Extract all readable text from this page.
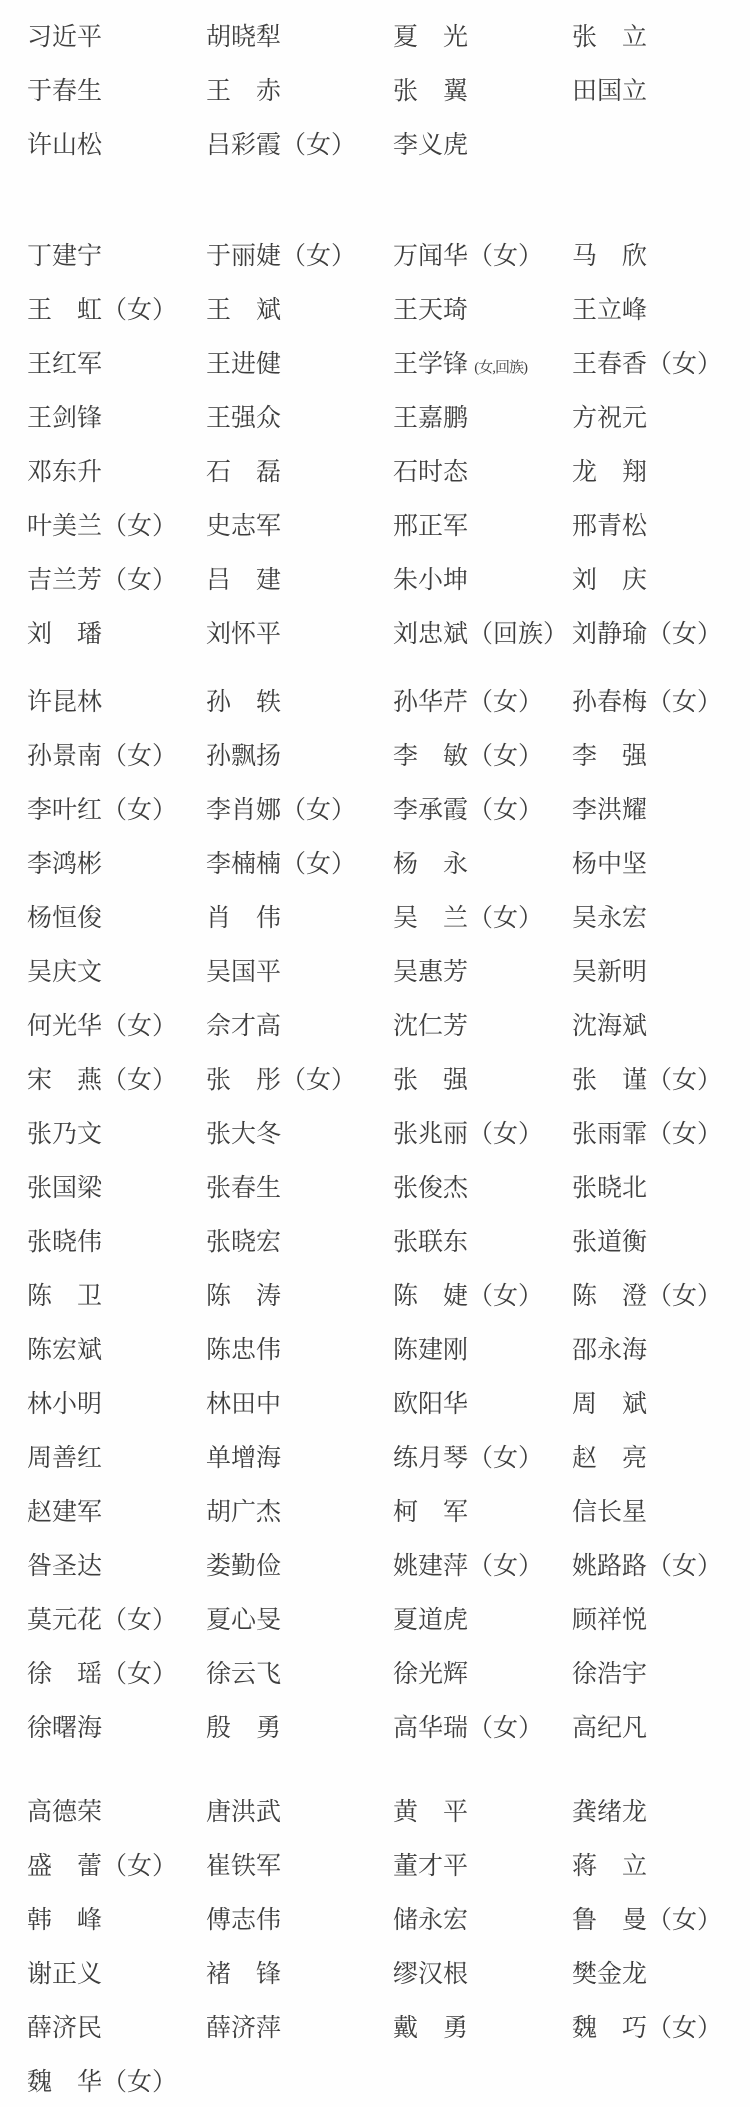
习近平	胡晓犁	夏　光	张　立
于春生	王　赤	张　翼	田国立
许山松	吕彩霞（女）	李义虎
丁建宁	于丽婕（女）	万闻华（女）	马　欣
王　虹（女）	王　斌	王天琦	王立峰
王红军	王进健	王学锋 (女,回族)	王春香（女）
王剑锋	王强众	王嘉鹏	方祝元
邓东升	石　磊	石时态	龙　翔
叶美兰（女）	史志军	邢正军	邢青松
吉兰芳（女）	吕　建	朱小坤	刘　庆
刘　璠	刘怀平	刘忠斌（回族） 刘静瑜（女）
许昆林	孙　轶	孙华芹（女）	孙春梅（女）
孙景南（女）	孙飘扬	李　敏（女）	李　强
李叶红（女）	李肖娜（女）	李承霞（女）	李洪耀
李鸿彬	李楠楠（女）	杨　永	杨中坚
杨恒俊	肖　伟	吴　兰（女）	吴永宏
吴庆文	吴国平	吴惠芳	吴新明
何光华（女）	佘才高	沈仁芳	沈海斌
宋　燕（女）	张　彤（女）	张　强	张　谨（女）
张乃文	张大冬	张兆丽（女）	张雨霏（女）
张国梁	张春生	张俊杰	张晓北
张晓伟	张晓宏	张联东	张道衡
陈　卫	陈　涛	陈　婕（女）	陈　澄（女）
陈宏斌	陈忠伟	陈建刚	邵永海
林小明	林田中	欧阳华	周　斌
周善红	单增海	练月琴（女）	赵　亮
赵建军	胡广杰	柯　军	信长星
昝圣达	娄勤俭	姚建萍（女）	姚路路（女）
莫元花（女）	夏心旻	夏道虎	顾祥悦
徐　瑶（女）	徐云飞	徐光辉	徐浩宇
徐曙海	殷　勇	高华瑞（女）	高纪凡
高德荣	唐洪武	黄　平	龚绪龙
盛　蕾（女）	崔铁军	董才平	蒋　立
韩　峰	傅志伟	储永宏	鲁　曼（女）
谢正义	褚　锋	缪汉根	樊金龙
薛济民	薛济萍	戴　勇	魏　巧（女）
魏　华（女）
